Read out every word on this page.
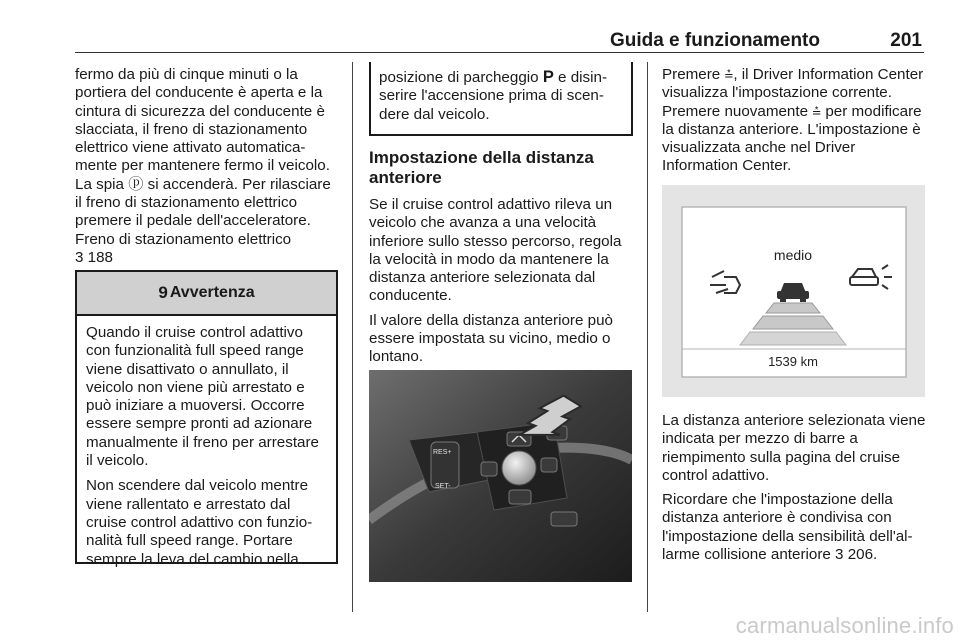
Guida e funzionamento	201

fermo da più di cinque minuti o la portiera del conducente è aperta e la cintura di sicurezza del conducente è slacciata, il freno di stazionamento elettrico viene attivato automatica-mente per mantenere fermo il veicolo. La spia ⓟ si accenderà. Per rilasciare il freno di stazionamento elettrico premere il pedale dell'acceleratore. Freno di stazionamento elettrico
3 188

9 Avvertenza

Quando il cruise control adattivo con funzionalità full speed range viene disattivato o annullato, il veicolo non viene più arrestato e può iniziare a muoversi. Occorre essere sempre pronti ad azionare manualmente il freno per arrestare il veicolo.

Non scendere dal veicolo mentre viene rallentato e arrestato dal cruise control adattivo con funzio-nalità full speed range. Portare sempre la leva del cambio nella

posizione di parcheggio P e disin-serire l'accensione prima di scen-dere dal veicolo.
Impostazione della distanza anteriore

Se il cruise control adattivo rileva un veicolo che avanza a una velocità inferiore sullo stesso percorso, regola la velocità in modo da mantenere la distanza anteriore selezionata dal conducente.

Il valore della distanza anteriore può essere impostata su vicino, medio o lontano.

RES+
SET-

Premere ⩮, il Driver Information Center visualizza l'impostazione corrente. Premere nuovamente ⩮ per modificare la distanza anteriore. L'impostazione è visualizzata anche nel Driver Information Center.

medio
1539 km

La distanza anteriore selezionata viene indicata per mezzo di barre a riempimento sulla pagina del cruise control adattivo.

Ricordare che l'impostazione della distanza anteriore è condivisa con l'impostazione della sensibilità dell'al-larme collisione anteriore 3 206.

carmanualsonline.info
